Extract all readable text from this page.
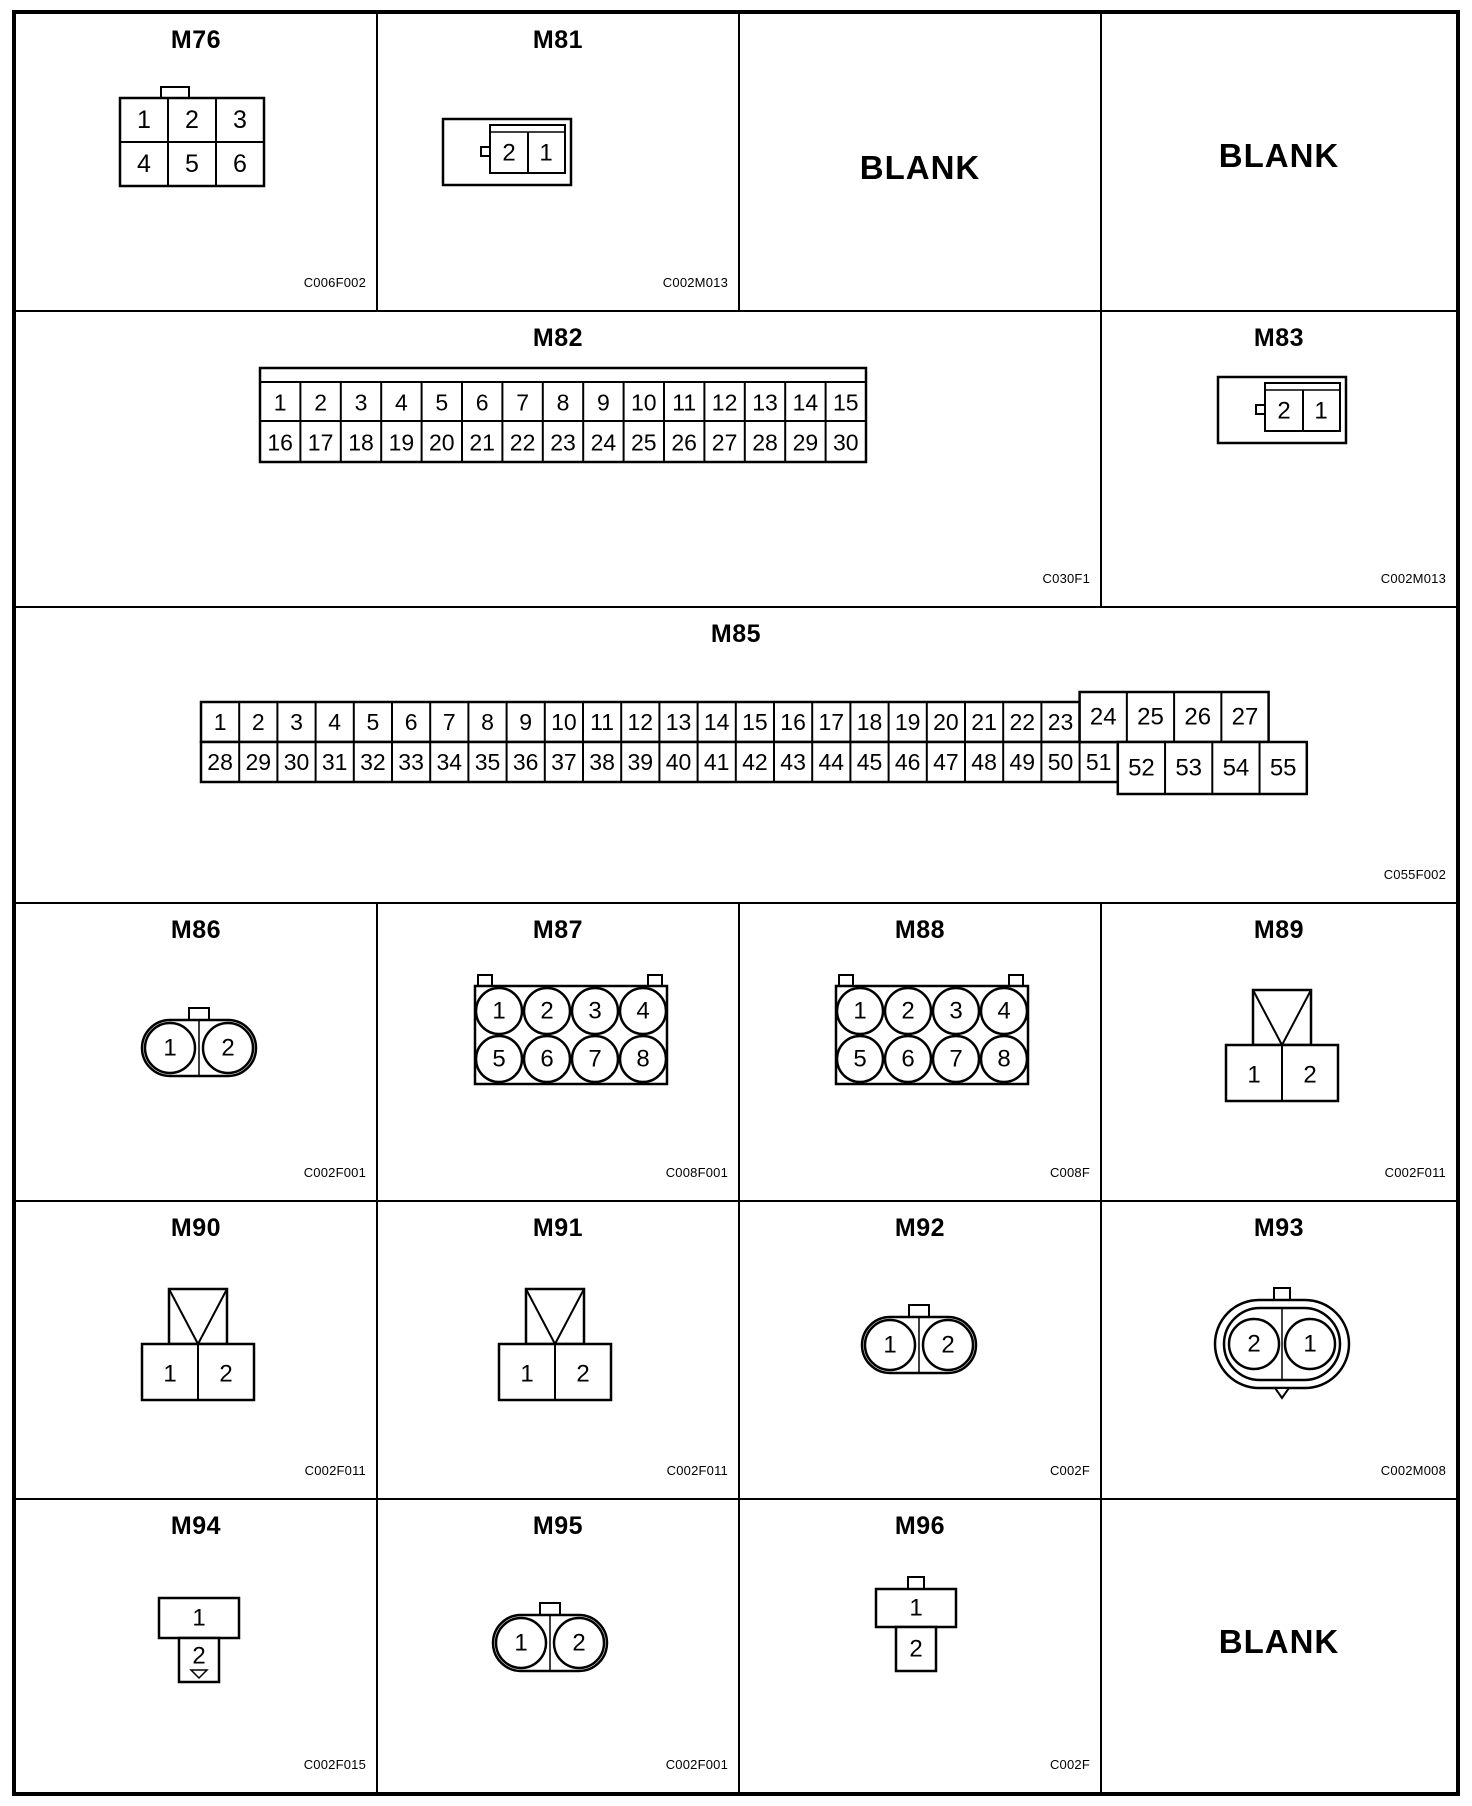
M76
1 2 3
4 5 6
C006F002
M81
2 1
C002M013
BLANK	BLANK
M82
1 2 3 4 5 6 7 8 9 10 11 12 13 14 15
16 17 18 19 20 21 22 23 24 25 26 27 28 29 30
C030F1
M83
2 1
C002M013
M85
1 2 3 4 5 6 7 8 9 10 11 12 13 14 15 16 17 18 19 20 21 22 23
28 29 30 31 32 33 34 35 36 37 38 39 40 41 42 43 44 45 46 47 48 49 50 51
24 25 26 27
52 53 54 55
C055F002
M86
1 2
C002F001
M87
1 2 3 4
5 6 7 8
C008F001
M88
1 2 3 4
5 6 7 8
C008F
M89
1 2
C002F011
M90
1 2
C002F011
M91
1 2
C002F011
M92
1 2
C002F
M93
2 1
C002M008
M94
1
2
C002F015
M95
1 2
C002F001
M96
1
2
C002F
BLANK
